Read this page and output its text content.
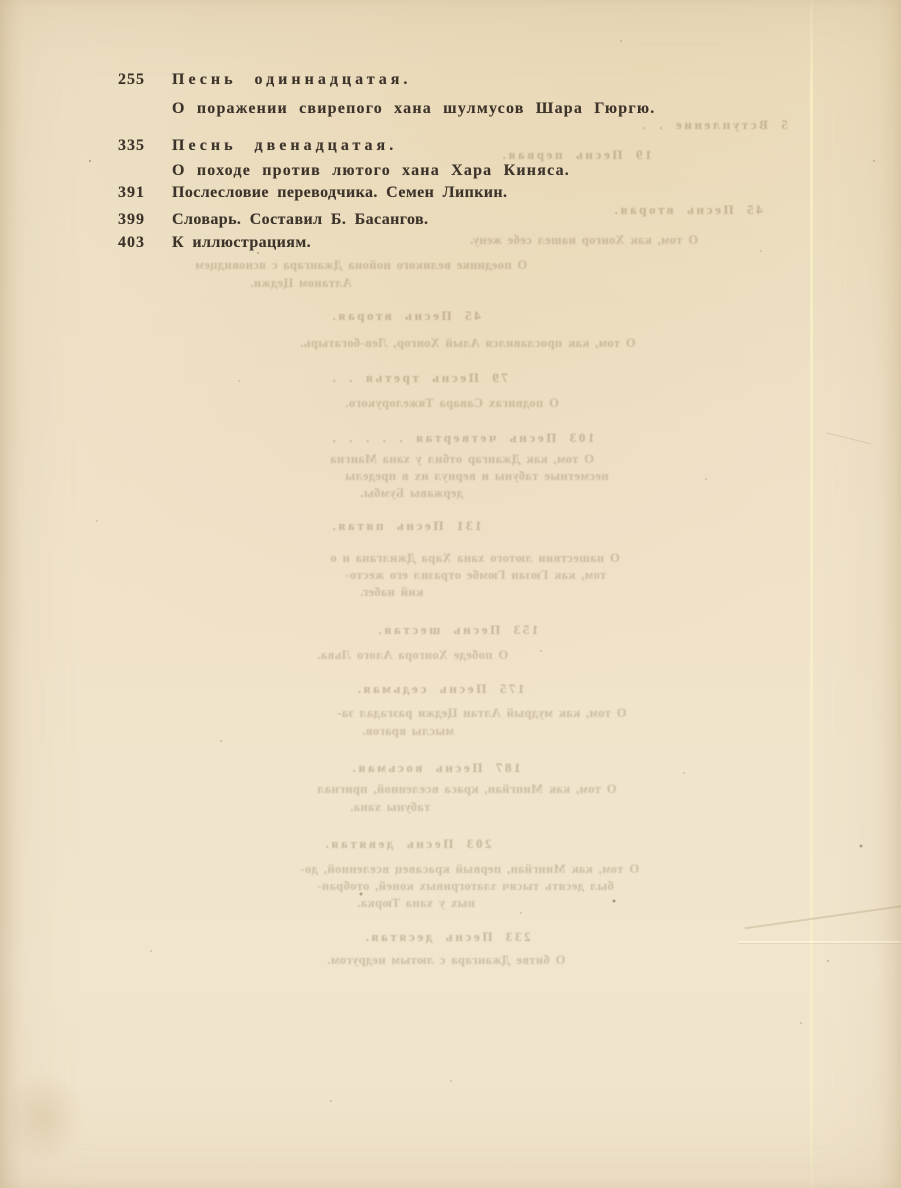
5 Вступление . .
19 Песнь первая.
45 Песнь вторая.
О том, как Хонгор нашел себе жену.
О поединке великого нойона Джангара с ясновидцем
Алтаном Цеджи.
45 Песнь вторая.
О том, как прославился Алый Хонгор, Лев-богатырь.
79 Песнь третья . .
О подвигах Савара Тяжелорукого.
103 Песнь четвертая . . . . .
О том, как Джангар отбил у хана Мангна
несметные табуны и вернул их в пределы
державы Бумбы.
131 Песнь пятая.
О нашествии лютого хана Хара Джилгана и о
том, как Гюзан Гюмбе отразил его жесто-
кий набег.
153 Песнь шестая.
О победе Хонгора Алого Льва.
175 Песнь седьмая.
О том, как мудрый Алтан Цеджи разгадал за-
мыслы врагов.
187 Песнь восьмая.
О том, как Мингйан, краса вселенной, пригнал
табуны хана.
203 Песнь девятая.
О том, как Мингйан, первый красавец вселенной, до-
был десять тысяч златогривых коней, отобран-
ных у хана Тюрка.
233 Песнь десятая.
О битве Джангара с лютым недругом.
255	Песнь одиннадцатая.
О поражении свирепого хана шулмусов Шара Гюргю.
335	Песнь двенадцатая.
О походе против лютого хана Хара Киняса.
391	Послесловие переводчика. Семен Липкин.
399	Словарь. Составил Б. Басангов.
403	К иллюстрациям.
